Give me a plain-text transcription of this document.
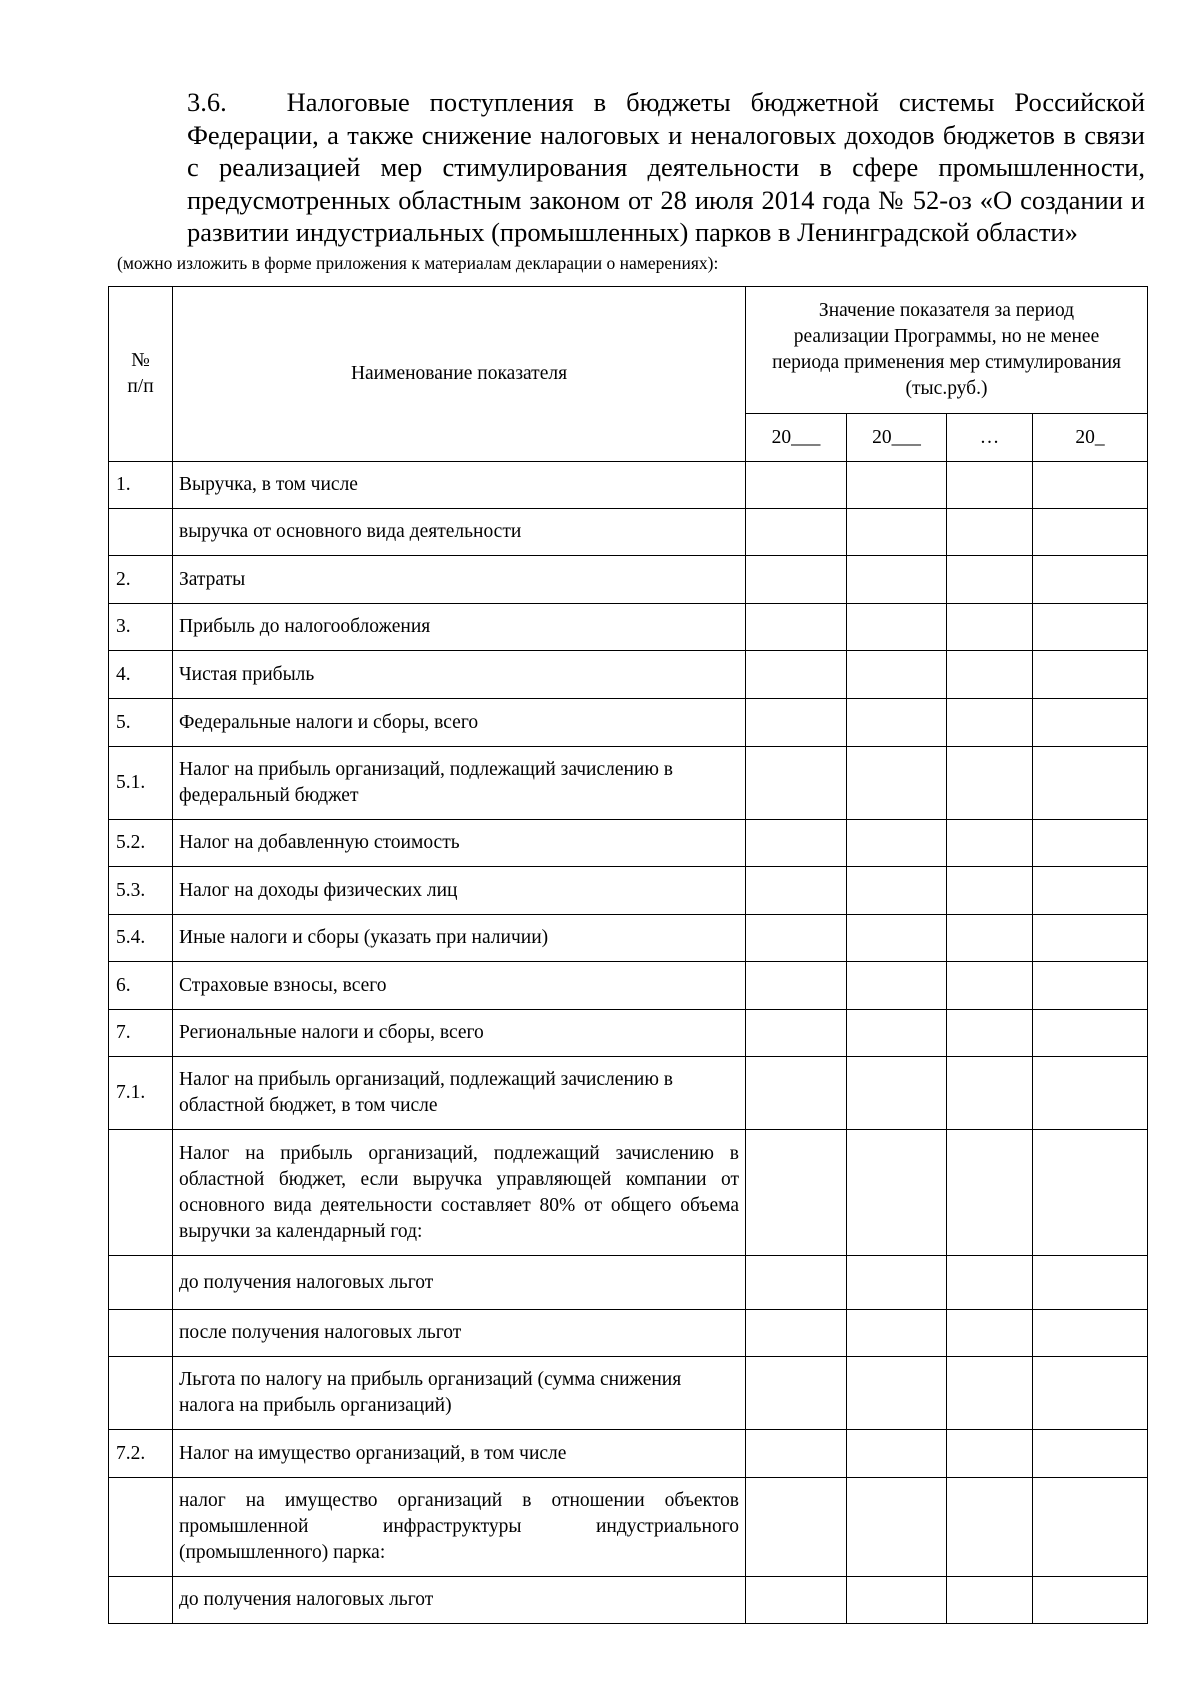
3.6. Налоговые поступления в бюджеты бюджетной системы Российской Федерации, а также снижение налоговых и неналоговых доходов бюджетов в связи с реализацией мер стимулирования деятельности в сфере промышленности, предусмотренных областным законом от 28 июля 2014 года № 52-оз «О создании и развитии индустриальных (промышленных) парков в Ленинградской области»
(можно изложить в форме приложения к материалам декларации о намерениях):
№ п/п	Наименование показателя	Значение показателя за период реализации Программы, но не менее периода применения мер стимулирования (тыс.руб.)			
		20___	20___	…	20_
1.	Выручка, в том числе				
	выручка от основного вида деятельности				
2.	Затраты				
3.	Прибыль до налогообложения				
4.	Чистая прибыль				
5.	Федеральные налоги и сборы, всего				
5.1.	Налог на прибыль организаций, подлежащий зачислению в федеральный бюджет				
5.2.	Налог на добавленную стоимость				
5.3.	Налог на доходы физических лиц				
5.4.	Иные налоги и сборы (указать при наличии)				
6.	Страховые взносы, всего				
7.	Региональные налоги и сборы, всего				
7.1.	Налог на прибыль организаций, подлежащий зачислению в областной бюджет, в том числе				
	Налог на прибыль организаций, подлежащий зачислению в областной бюджет, если выручка управляющей компании от основного вида деятельности составляет 80% от общего объема выручки за календарный год:				
	до получения налоговых льгот				
	после получения налоговых льгот				
	Льгота по налогу на прибыль организаций (сумма снижения налога на прибыль организаций)				
7.2.	Налог на имущество организаций, в том числе				
	налог на имущество организаций в отношении объектов промышленной инфраструктуры индустриального (промышленного) парка:				
	до получения налоговых льгот				
